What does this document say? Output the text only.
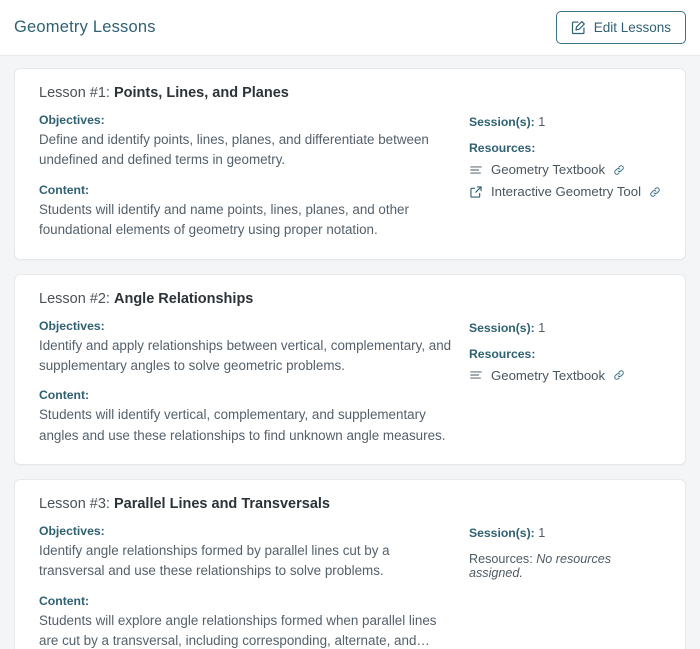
Geometry Lessons	Edit Lessons
Lesson #1: Points, Lines, and Planes
Objectives:

Define and identify points, lines, planes, and differentiate between undefined and defined terms in geometry.

Content:

Students will identify and name points, lines, planes, and other foundational elements of geometry using proper notation.

Session(s): 1
Resources:
Geometry Textbook
Interactive Geometry Tool
Lesson #2: Angle Relationships
Objectives:

Identify and apply relationships between vertical, complementary, and supplementary angles to solve geometric problems.

Content:

Students will identify vertical, complementary, and supplementary angles and use these relationships to find unknown angle measures.

Session(s): 1
Resources:
Geometry Textbook
Lesson #3: Parallel Lines and Transversals
Objectives:

Identify angle relationships formed by parallel lines cut by a transversal and use these relationships to solve problems.

Content:

Students will explore angle relationships formed when parallel lines are cut by a transversal, including corresponding, alternate, and…

Session(s): 1
Resources: No resources assigned.
